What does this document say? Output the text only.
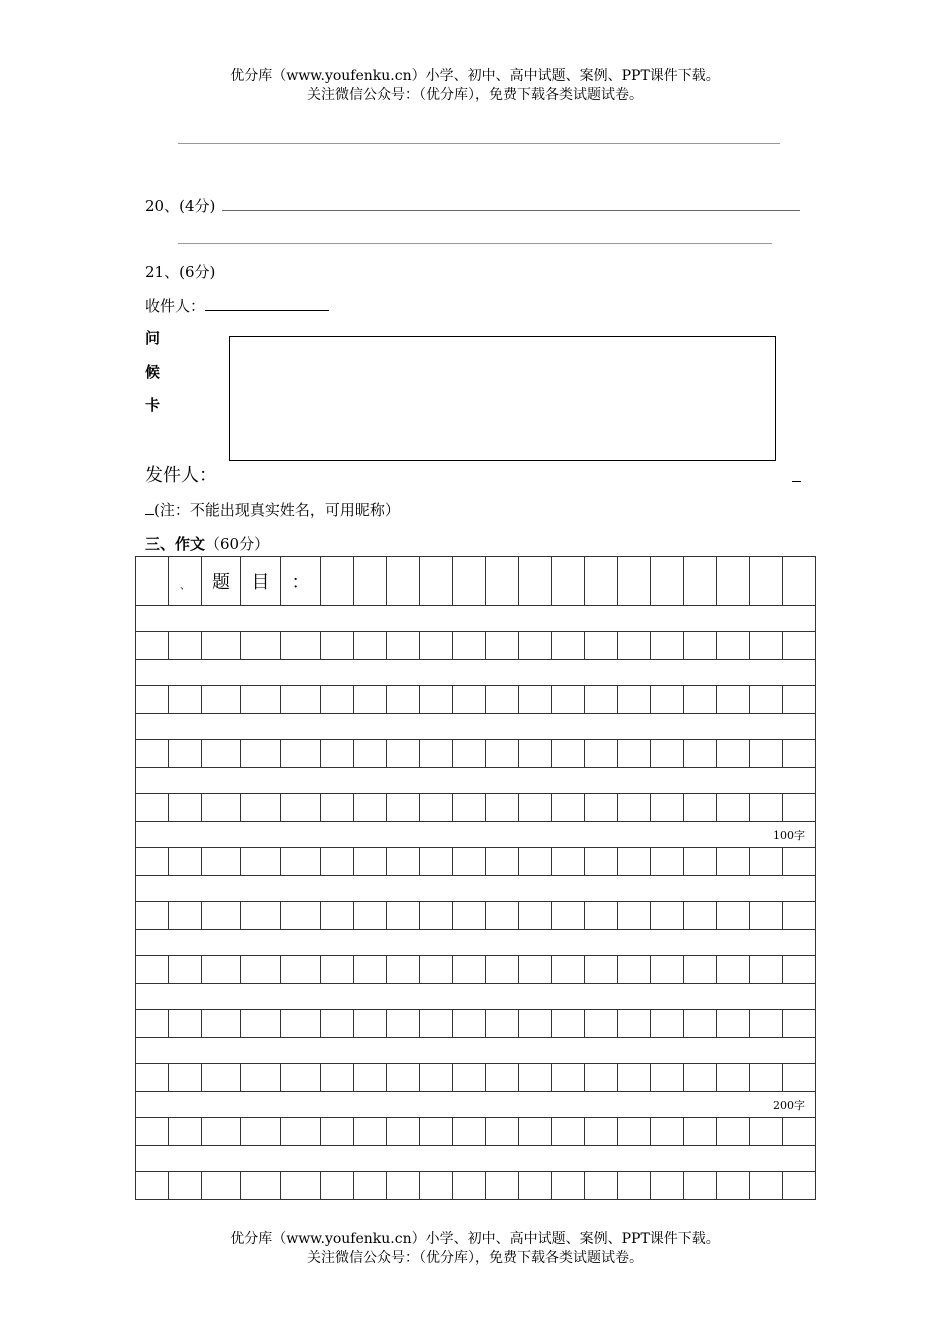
优分库（www.youfenku.cn）小学、初中、高中试题、案例、PPT课件下载。
关注微信公众号：（优分库），免费下载各类试题试卷。
20、(4分)
21、(6分)
收件人：
问
候
卡
发件人：
(注：不能出现真实姓名，可用昵称）
三、作文（60分）
	、	题	目	：															

100字																			

200字																			

优分库（www.youfenku.cn）小学、初中、高中试题、案例、PPT课件下载。
关注微信公众号：（优分库），免费下载各类试题试卷。
